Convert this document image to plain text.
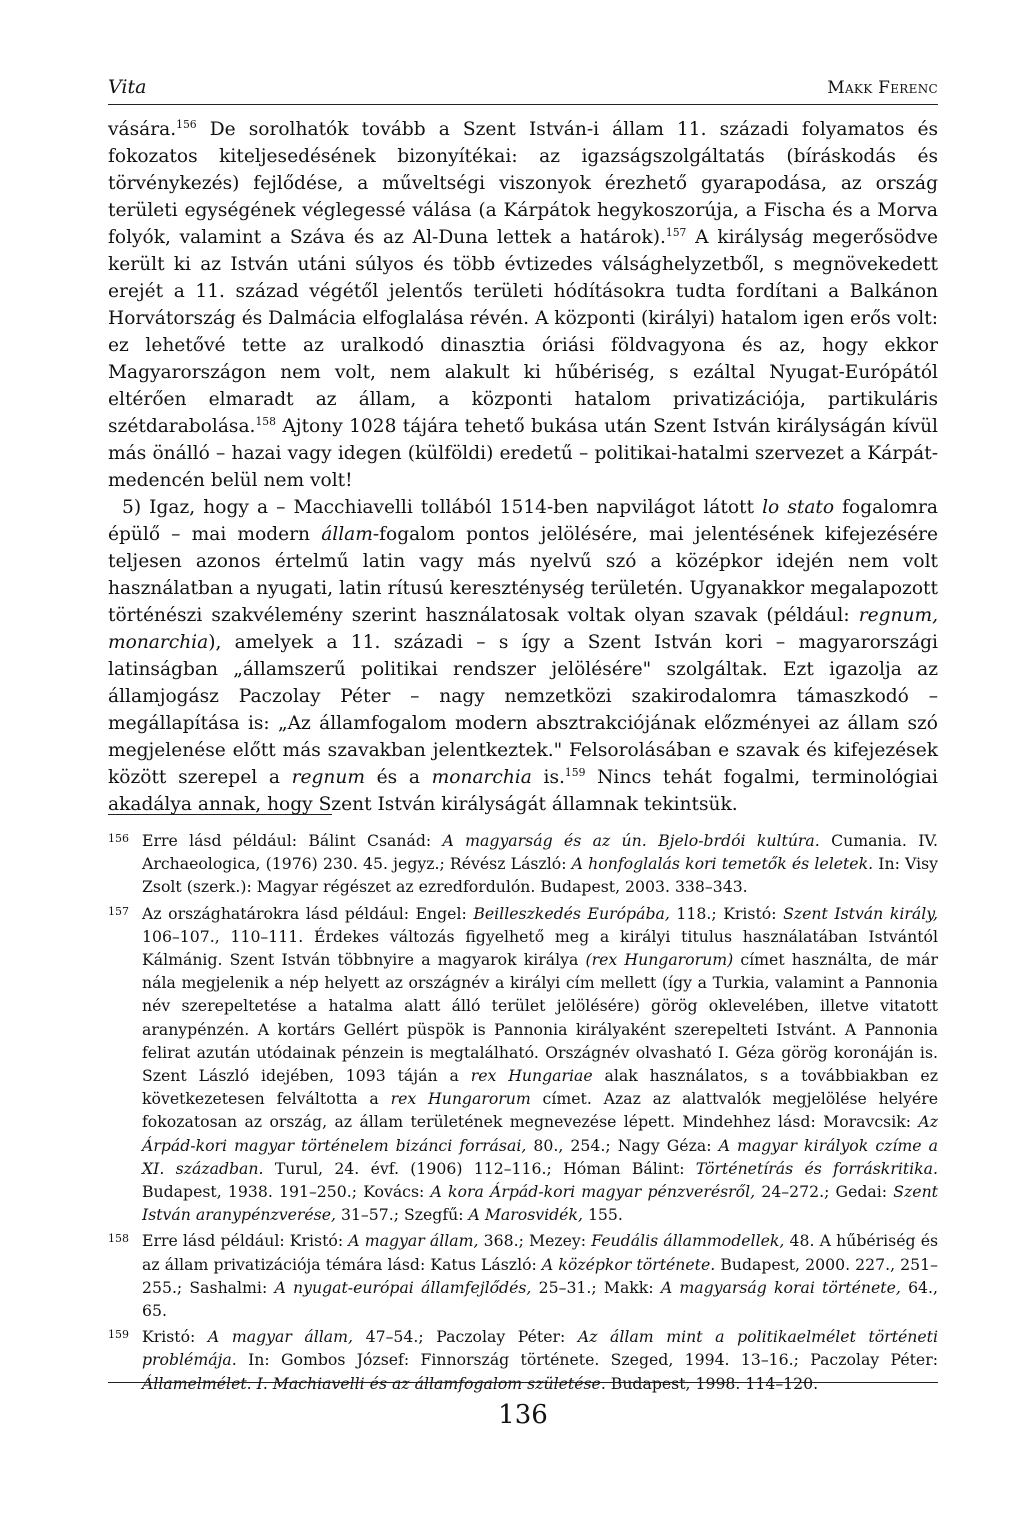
Vita	Makk Ferenc

vására.$^{156}$ De sorolhatók tovább a Szent István-i állam 11. századi folyamatos és fokozatos kiteljesedésének bizonyítékai: az igazságszolgáltatás (bíráskodás és törvénykezés) fejlődése, a műveltségi viszonyok érezhető gyarapodása, az ország területi egységének véglegessé válása (a Kárpátok hegykoszorúja, a Fischa és a Morva folyók, valamint a Száva és az Al-Duna lettek a határok).$^{157}$ A királyság megerősödve került ki az István utáni súlyos és több évtizedes válsághelyzetből, s megnövekedett erejét a 11. század végétől jelentős területi hódításokra tudta fordítani a Balkánon Horvátország és Dalmácia elfoglalása révén. A központi (királyi) hatalom igen erős volt: ez lehetővé tette az uralkodó dinasztia óriási földvagyona és az, hogy ekkor Magyarországon nem volt, nem alakult ki hűbériség, s ezáltal Nyugat-Európától eltérően elmaradt az állam, a központi hatalom privatizációja, partikuláris szétdarabolása.$^{158}$ Ajtony 1028 tájára tehető bukása után Szent István királyságán kívül más önálló – hazai vagy idegen (külföldi) eredetű – politikai-hatalmi szervezet a Kárpát-medencén belül nem volt!

5) Igaz, hogy a – Macchiavelli tollából 1514-ben napvilágot látott lo stato fogalomra épülő – mai modern állam-fogalom pontos jelölésére, mai jelentésének kifejezésére teljesen azonos értelmű latin vagy más nyelvű szó a középkor idején nem volt használatban a nyugati, latin rítusú kereszténység területén. Ugyanakkor megalapozott történészi szakvélemény szerint használatosak voltak olyan szavak (például: regnum, monarchia), amelyek a 11. századi – s így a Szent István kori – magyarországi latinságban „államszerű politikai rendszer jelölésére" szolgáltak. Ezt igazolja az államjogász Paczolay Péter – nagy nemzetközi szakirodalomra támaszkodó – megállapítása is: „Az államfogalom modern absztrakciójának előzményei az állam szó megjelenése előtt más szavakban jelentkeztek." Felsorolásában e szavak és kifejezések között szerepel a regnum és a monarchia is.$^{159}$ Nincs tehát fogalmi, terminológiai akadálya annak, hogy Szent István királyságát államnak tekintsük.

156 Erre lásd például: Bálint Csanád: A magyarság és az ún. Bjelo-brdói kultúra. Cumania. IV. Archaeologica, (1976) 230. 45. jegyz.; Révész László: A honfoglalás kori temetők és leletek. In: Visy Zsolt (szerk.): Magyar régészet az ezredfordulón. Budapest, 2003. 338–343.
157 Az országhatárokra lásd például: Engel: Beilleszkedés Európába, 118.; Kristó: Szent István király, 106–107., 110–111. Érdekes változás figyelhető meg a királyi titulus használatában Istvántól Kálmánig. Szent István többnyire a magyarok királya (rex Hungarorum) címet használta, de már nála megjelenik a nép helyett az országnév a királyi cím mellett (így a Turkia, valamint a Pannonia név szerepeltetése a hatalma alatt álló terület jelölésére) görög oklevelében, illetve vitatott aranypénzén. A kortárs Gellért püspök is Pannonia királyaként szerepelteti Istvánt. A Pannonia felirat azután utódainak pénzein is megtalálható. Országnév olvasható I. Géza görög koronáján is. Szent László idejében, 1093 táján a rex Hungariae alak használatos, s a továbbiakban ez következetesen felváltotta a rex Hungarorum címet. Azaz az alattvalók megjelölése helyére fokozatosan az ország, az állam területének megnevezése lépett. Mindehhez lásd: Moravcsik: Az Árpád-kori magyar történelem bizánci forrásai, 80., 254.; Nagy Géza: A magyar királyok czíme a XI. században. Turul, 24. évf. (1906) 112–116.; Hóman Bálint: Történetírás és forráskritika. Budapest, 1938. 191–250.; Kovács: A kora Árpád-kori magyar pénzverésről, 24–272.; Gedai: Szent István aranypénzverése, 31–57.; Szegfű: A Marosvidék, 155.
158 Erre lásd például: Kristó: A magyar állam, 368.; Mezey: Feudális állammodellek, 48. A hűbériség és az állam privatizációja témára lásd: Katus László: A középkor története. Budapest, 2000. 227., 251–255.; Sashalmi: A nyugat-európai államfejlődés, 25–31.; Makk: A magyarság korai története, 64., 65.
159 Kristó: A magyar állam, 47–54.; Paczolay Péter: Az állam mint a politikaelmélet történeti problémája. In: Gombos József: Finnország története. Szeged, 1994. 13–16.; Paczolay Péter: Államelmélet. I. Machiavelli és az államfogalom születése. Budapest, 1998. 114–120.
136
